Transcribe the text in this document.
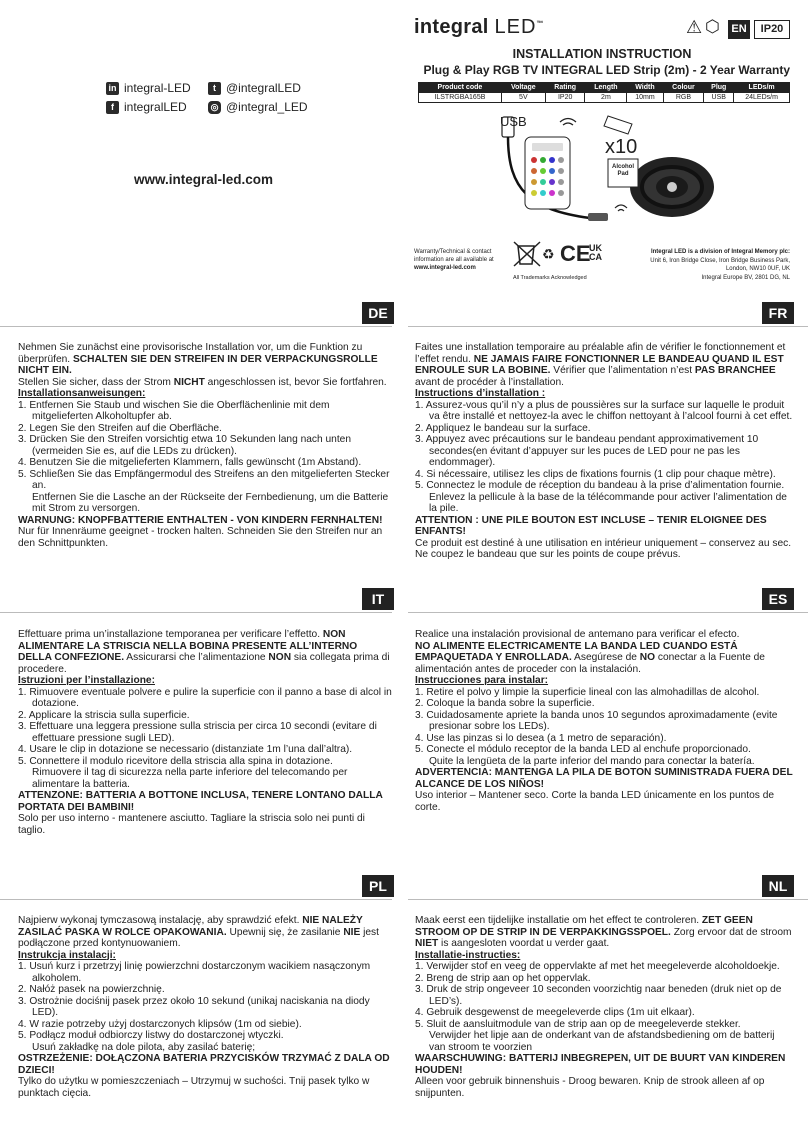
in integral-LED	t @integralLED
f integralLED	◎ @integral_LED
www.integral-led.com
integral LED™	⚠ ⬡	EN	IP20
INSTALLATION INSTRUCTION
Plug & Play RGB TV INTEGRAL LED Strip (2m) - 2 Year Warranty
Product code	Voltage	Rating	Length	Width	Colour	Plug	LEDs/m
ILSTRGBA165B	5V	IP20	2m	10mm	RGB	USB	24LEDs/m
USB
x10
Alcohol Pad
Warranty/Technical & contact information are all available at
www.integral-led.com
♻ CE
UK CA
All Trademarks Acknowledged
Integral LED is a division of Integral Memory plc:
Unit 6, Iron Bridge Close, Iron Bridge Business Park,
London, NW10 0UF, UK
Integral Europe BV, 2801 DG, NL
DE	FR

Nehmen Sie zunächst eine provisorische Installation vor, um die Funktion zu überprüfen. SCHALTEN SIE DEN STREIFEN IN DER VERPACKUNGSROLLE NICHT EIN.
Stellen Sie sicher, dass der Strom NICHT angeschlossen ist, bevor Sie fortfahren.

Installationsanweisungen:

1. Entfernen Sie Staub und wischen Sie die Oberflächenlinie mit dem mitgelieferten Alkoholtupfer ab.
2. Legen Sie den Streifen auf die Oberfläche.
3. Drücken Sie den Streifen vorsichtig etwa 10 Sekunden lang nach unten (vermeiden Sie es, auf die LEDs zu drücken).
4. Benutzen Sie die mitgelieferten Klammern, falls gewünscht (1m Abstand).
5. Schließen Sie das Empfängermodul des Streifens an den mitgelieferten Stecker an.
Entfernen Sie die Lasche an der Rückseite der Fernbedienung, um die Batterie mit Strom zu versorgen.

WARNUNG: KNOPFBATTERIE ENTHALTEN - VON KINDERN FERNHALTEN!

Nur für Innenräume geeignet - trocken halten. Schneiden Sie den Streifen nur an den Schnittpunkten.

Faites une installation temporaire au préalable afin de vérifier le fonctionnement et l’effet rendu. NE JAMAIS FAIRE FONCTIONNER LE BANDEAU QUAND IL EST ENROULE SUR LA BOBINE. Vérifier que l’alimentation n’est PAS BRANCHEE avant de procéder à l’installation.

Instructions d’installation :

1. Assurez-vous qu’il n’y a plus de poussières sur la surface sur laquelle le produit va être installé et nettoyez-la avec le chiffon nettoyant à l’alcool fourni à cet effet.
2. Appliquez le bandeau sur la surface.
3. Appuyez avec précautions sur le bandeau pendant approximativement 10 secondes(en évitant d’appuyer sur les puces de LED pour ne pas les endommager).
4. Si nécessaire, utilisez les clips de fixations fournis (1 clip pour chaque mètre).
5. Connectez le module de réception du bandeau à la prise d’alimentation fournie.
Enlevez la pellicule à la base de la télécommande pour activer l’alimentation de la pile.

ATTENTION : UNE PILE BOUTON EST INCLUSE – TENIR ELOIGNEE DES ENFANTS!

Ce produit est destiné à une utilisation en intérieur uniquement – conservez au sec. Ne coupez le bandeau que sur les points de coupe prévus.

IT	ES

Effettuare prima un’installazione temporanea per verificare l’effetto. NON ALIMENTARE LA STRISCIA NELLA BOBINA PRESENTE ALL’INTERNO DELLA CONFEZIONE. Assicurarsi che l’alimentazione NON sia collegata prima di procedere.

Istruzioni per l’installazione:

1. Rimuovere eventuale polvere e pulire la superficie con il panno a base di alcol in dotazione.
2. Applicare la striscia sulla superficie.
3. Effettuare una leggera pressione sulla striscia per circa 10 secondi (evitare di effettuare pressione sugli LED).
4. Usare le clip in dotazione se necessario (distanziate 1m l’una dall’altra).
5. Connettere il modulo ricevitore della striscia alla spina in dotazione.
Rimuovere il tag di sicurezza nella parte inferiore del telecomando per alimentare la batteria.

ATTENZONE: BATTERIA A BOTTONE INCLUSA, TENERE LONTANO DALLA PORTATA DEI BAMBINI!

Solo per uso interno - mantenere asciutto. Tagliare la striscia solo nei punti di taglio.

Realice una instalación provisional de antemano para verificar el efecto.

NO ALIMENTE ELECTRICAMENTE LA BANDA LED CUANDO ESTÁ EMPAQUETADA Y ENROLLADA. Asegúrese de NO conectar a la Fuente de alimentación antes de proceder con la instalación.

Instrucciones para instalar:

1. Retire el polvo y limpie la superficie lineal con las almohadillas de alcohol.
2. Coloque la banda sobre la superficie.
3. Cuidadosamente apriete la banda unos 10 segundos aproximadamente (evite presionar sobre los LEDs).
4. Use las pinzas si lo desea (a 1 metro de separación).
5. Conecte el módulo receptor de la banda LED al enchufe proporcionado.
Quite la lengüeta de la parte inferior del mando para conectar la batería.

ADVERTENCIA: MANTENGA LA PILA DE BOTON SUMINISTRADA FUERA DEL ALCANCE DE LOS NIÑOS!

Uso interior – Mantener seco. Corte la banda LED únicamente en los puntos de corte.

PL	NL

Najpierw wykonaj tymczasową instalację, aby sprawdzić efekt. NIE NALEŻY ZASILAĆ PASKA W ROLCE OPAKOWANIA. Upewnij się, że zasilanie NIE jest podłączone przed kontynuowaniem.

Instrukcja instalacji:

1. Usuń kurz i przetrzyj linię powierzchni dostarczonym wacikiem nasączonym alkoholem.
2. Nałóż pasek na powierzchnię.
3. Ostrożnie dociśnij pasek przez około 10 sekund (unikaj naciskania na diody LED).
4. W razie potrzeby użyj dostarczonych klipsów (1m od siebie).
5. Podłącz moduł odbiorczy listwy do dostarczonej wtyczki.
Usuń zakładkę na dole pilota, aby zasilać baterię;

OSTRZEŻENIE: DOŁĄCZONA BATERIA PRZYCISKÓW TRZYMAĆ Z DALA OD DZIECI!

Tylko do użytku w pomieszczeniach – Utrzymuj w suchości. Tnij pasek tylko w punktach cięcia.

Maak eerst een tijdelijke installatie om het effect te controleren. ZET GEEN STROOM OP DE STRIP IN DE VERPAKKINGSSPOEL. Zorg ervoor dat de stroom NIET is aangesloten voordat u verder gaat.

Installatie-instructies:

1. Verwijder stof en veeg de oppervlakte af met het meegeleverde alcoholdoekje.
2. Breng de strip aan op het oppervlak.
3. Druk de strip ongeveer 10 seconden voorzichtig naar beneden (druk niet op de LED’s).
4. Gebruik desgewenst de meegeleverde clips (1m uit elkaar).
5. Sluit de aansluitmodule van de strip aan op de meegeleverde stekker.
Verwijder het lipje aan de onderkant van de afstandsbediening om de batterij van stroom te voorzien

WAARSCHUWING: BATTERIJ INBEGREPEN, UIT DE BUURT VAN KINDEREN HOUDEN!

Alleen voor gebruik binnenshuis - Droog bewaren. Knip de strook alleen af op snijpunten.
